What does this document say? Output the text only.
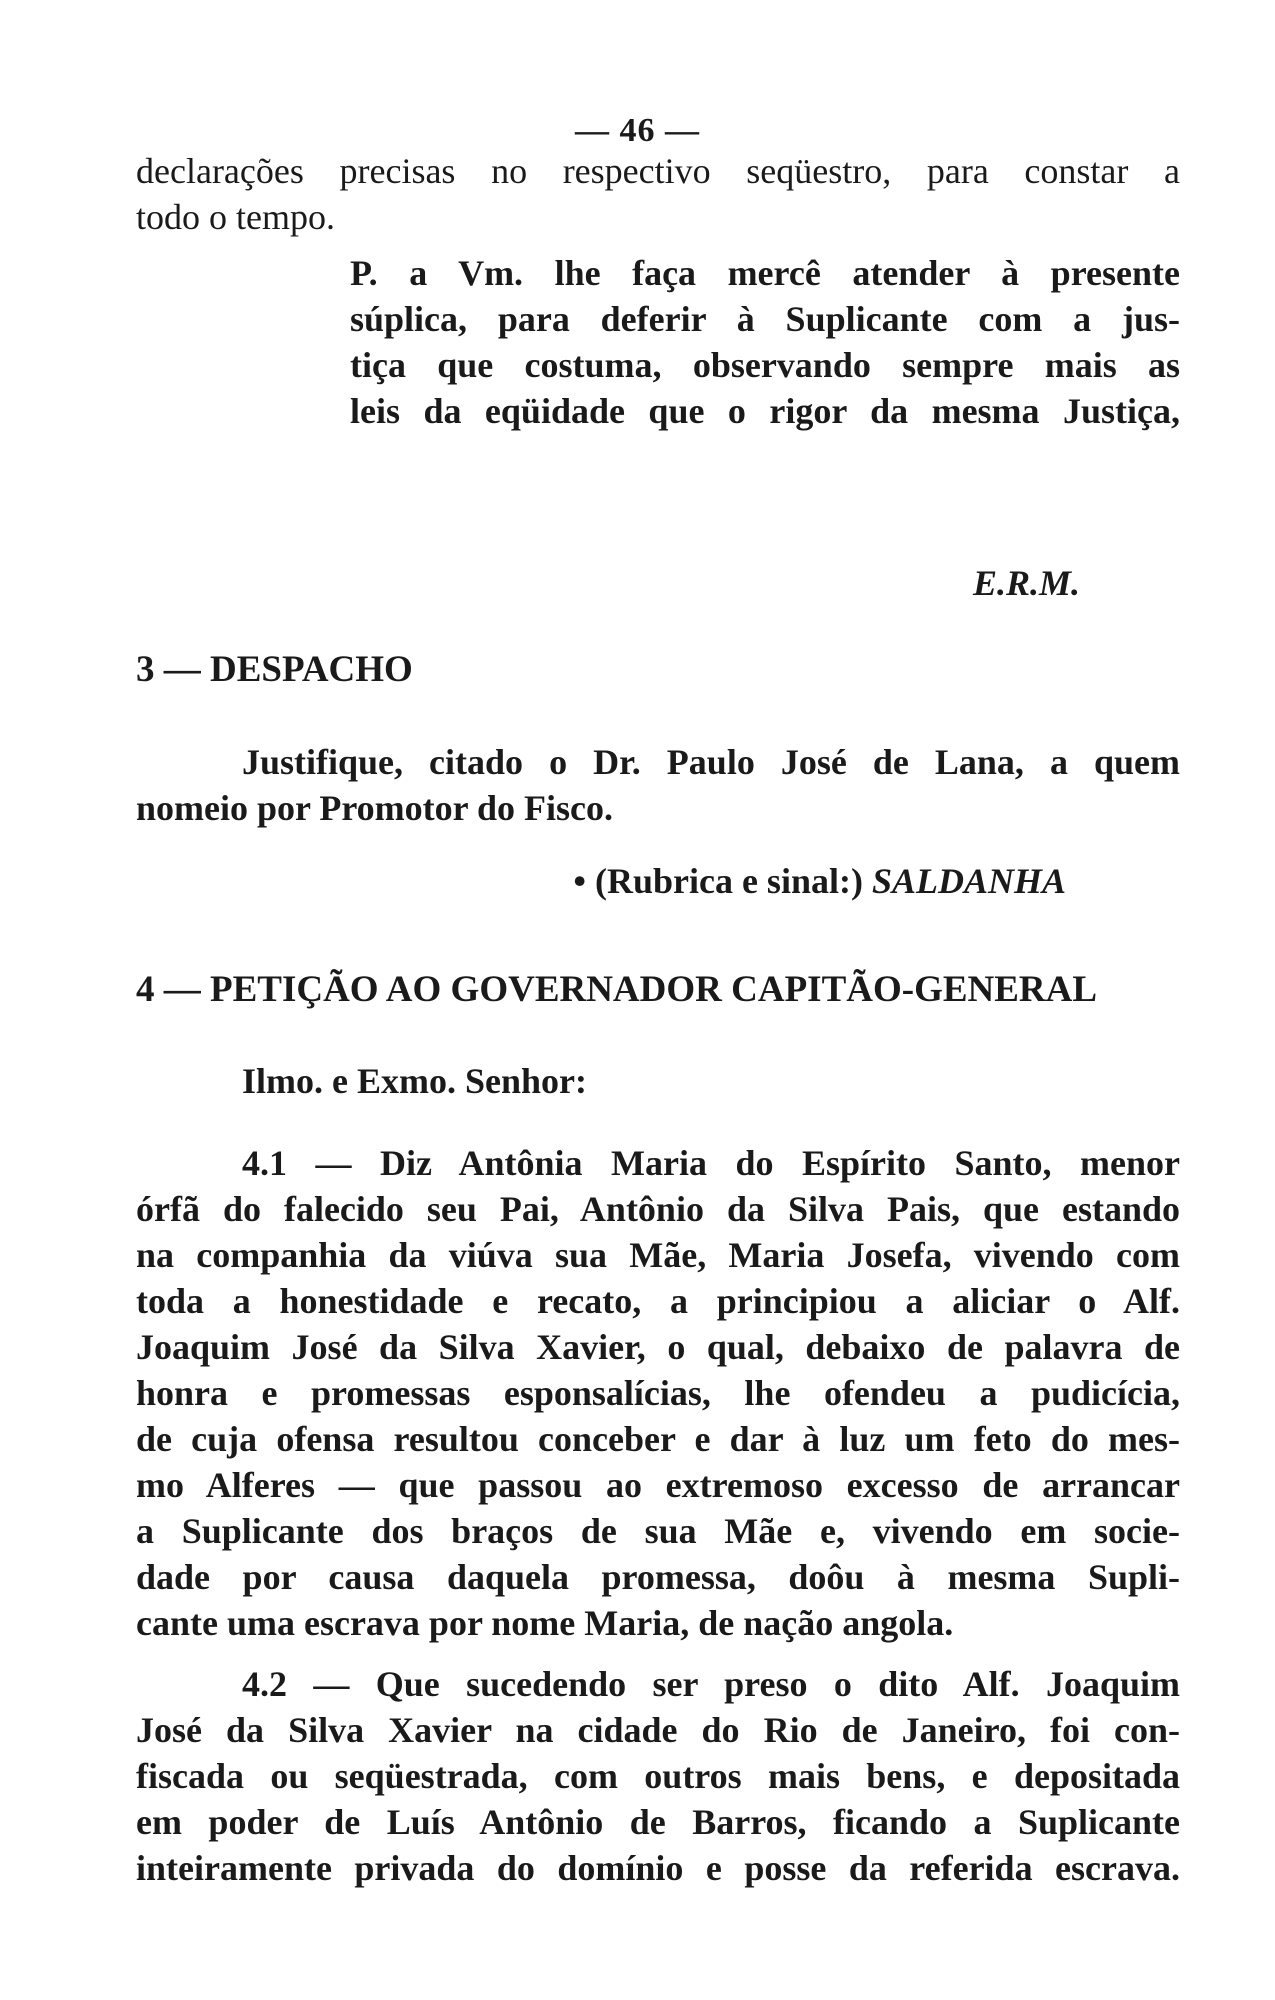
— 46 —
declarações precisas no respectivo seqüestro, para constar a
todo o tempo.
P. a Vm. lhe faça mercê atender à presente
súplica, para deferir à Suplicante com a jus-
tiça que costuma, observando sempre mais as
leis da eqüidade que o rigor da mesma Justiça,
E.R.M.
3 — DESPACHO
Justifique, citado o Dr. Paulo José de Lana, a quem
nomeio por Promotor do Fisco.
• (Rubrica e sinal:) SALDANHA
4 — PETIÇÃO AO GOVERNADOR CAPITÃO-GENERAL
Ilmo. e Exmo. Senhor:
4.1 — Diz Antônia Maria do Espírito Santo, menor
órfã do falecido seu Pai, Antônio da Silva Pais, que estando
na companhia da viúva sua Mãe, Maria Josefa, vivendo com
toda a honestidade e recato, a principiou a aliciar o Alf.
Joaquim José da Silva Xavier, o qual, debaixo de palavra de
honra e promessas esponsalícias, lhe ofendeu a pudicícia,
de cuja ofensa resultou conceber e dar à luz um feto do mes-
mo Alferes — que passou ao extremoso excesso de arrancar
a Suplicante dos braços de sua Mãe e, vivendo em socie-
dade por causa daquela promessa, doôu à mesma Supli-
cante uma escrava por nome Maria, de nação angola.
4.2 — Que sucedendo ser preso o dito Alf. Joaquim
José da Silva Xavier na cidade do Rio de Janeiro, foi con-
fiscada ou seqüestrada, com outros mais bens, e depositada
em poder de Luís Antônio de Barros, ficando a Suplicante
inteiramente privada do domínio e posse da referida escrava.
